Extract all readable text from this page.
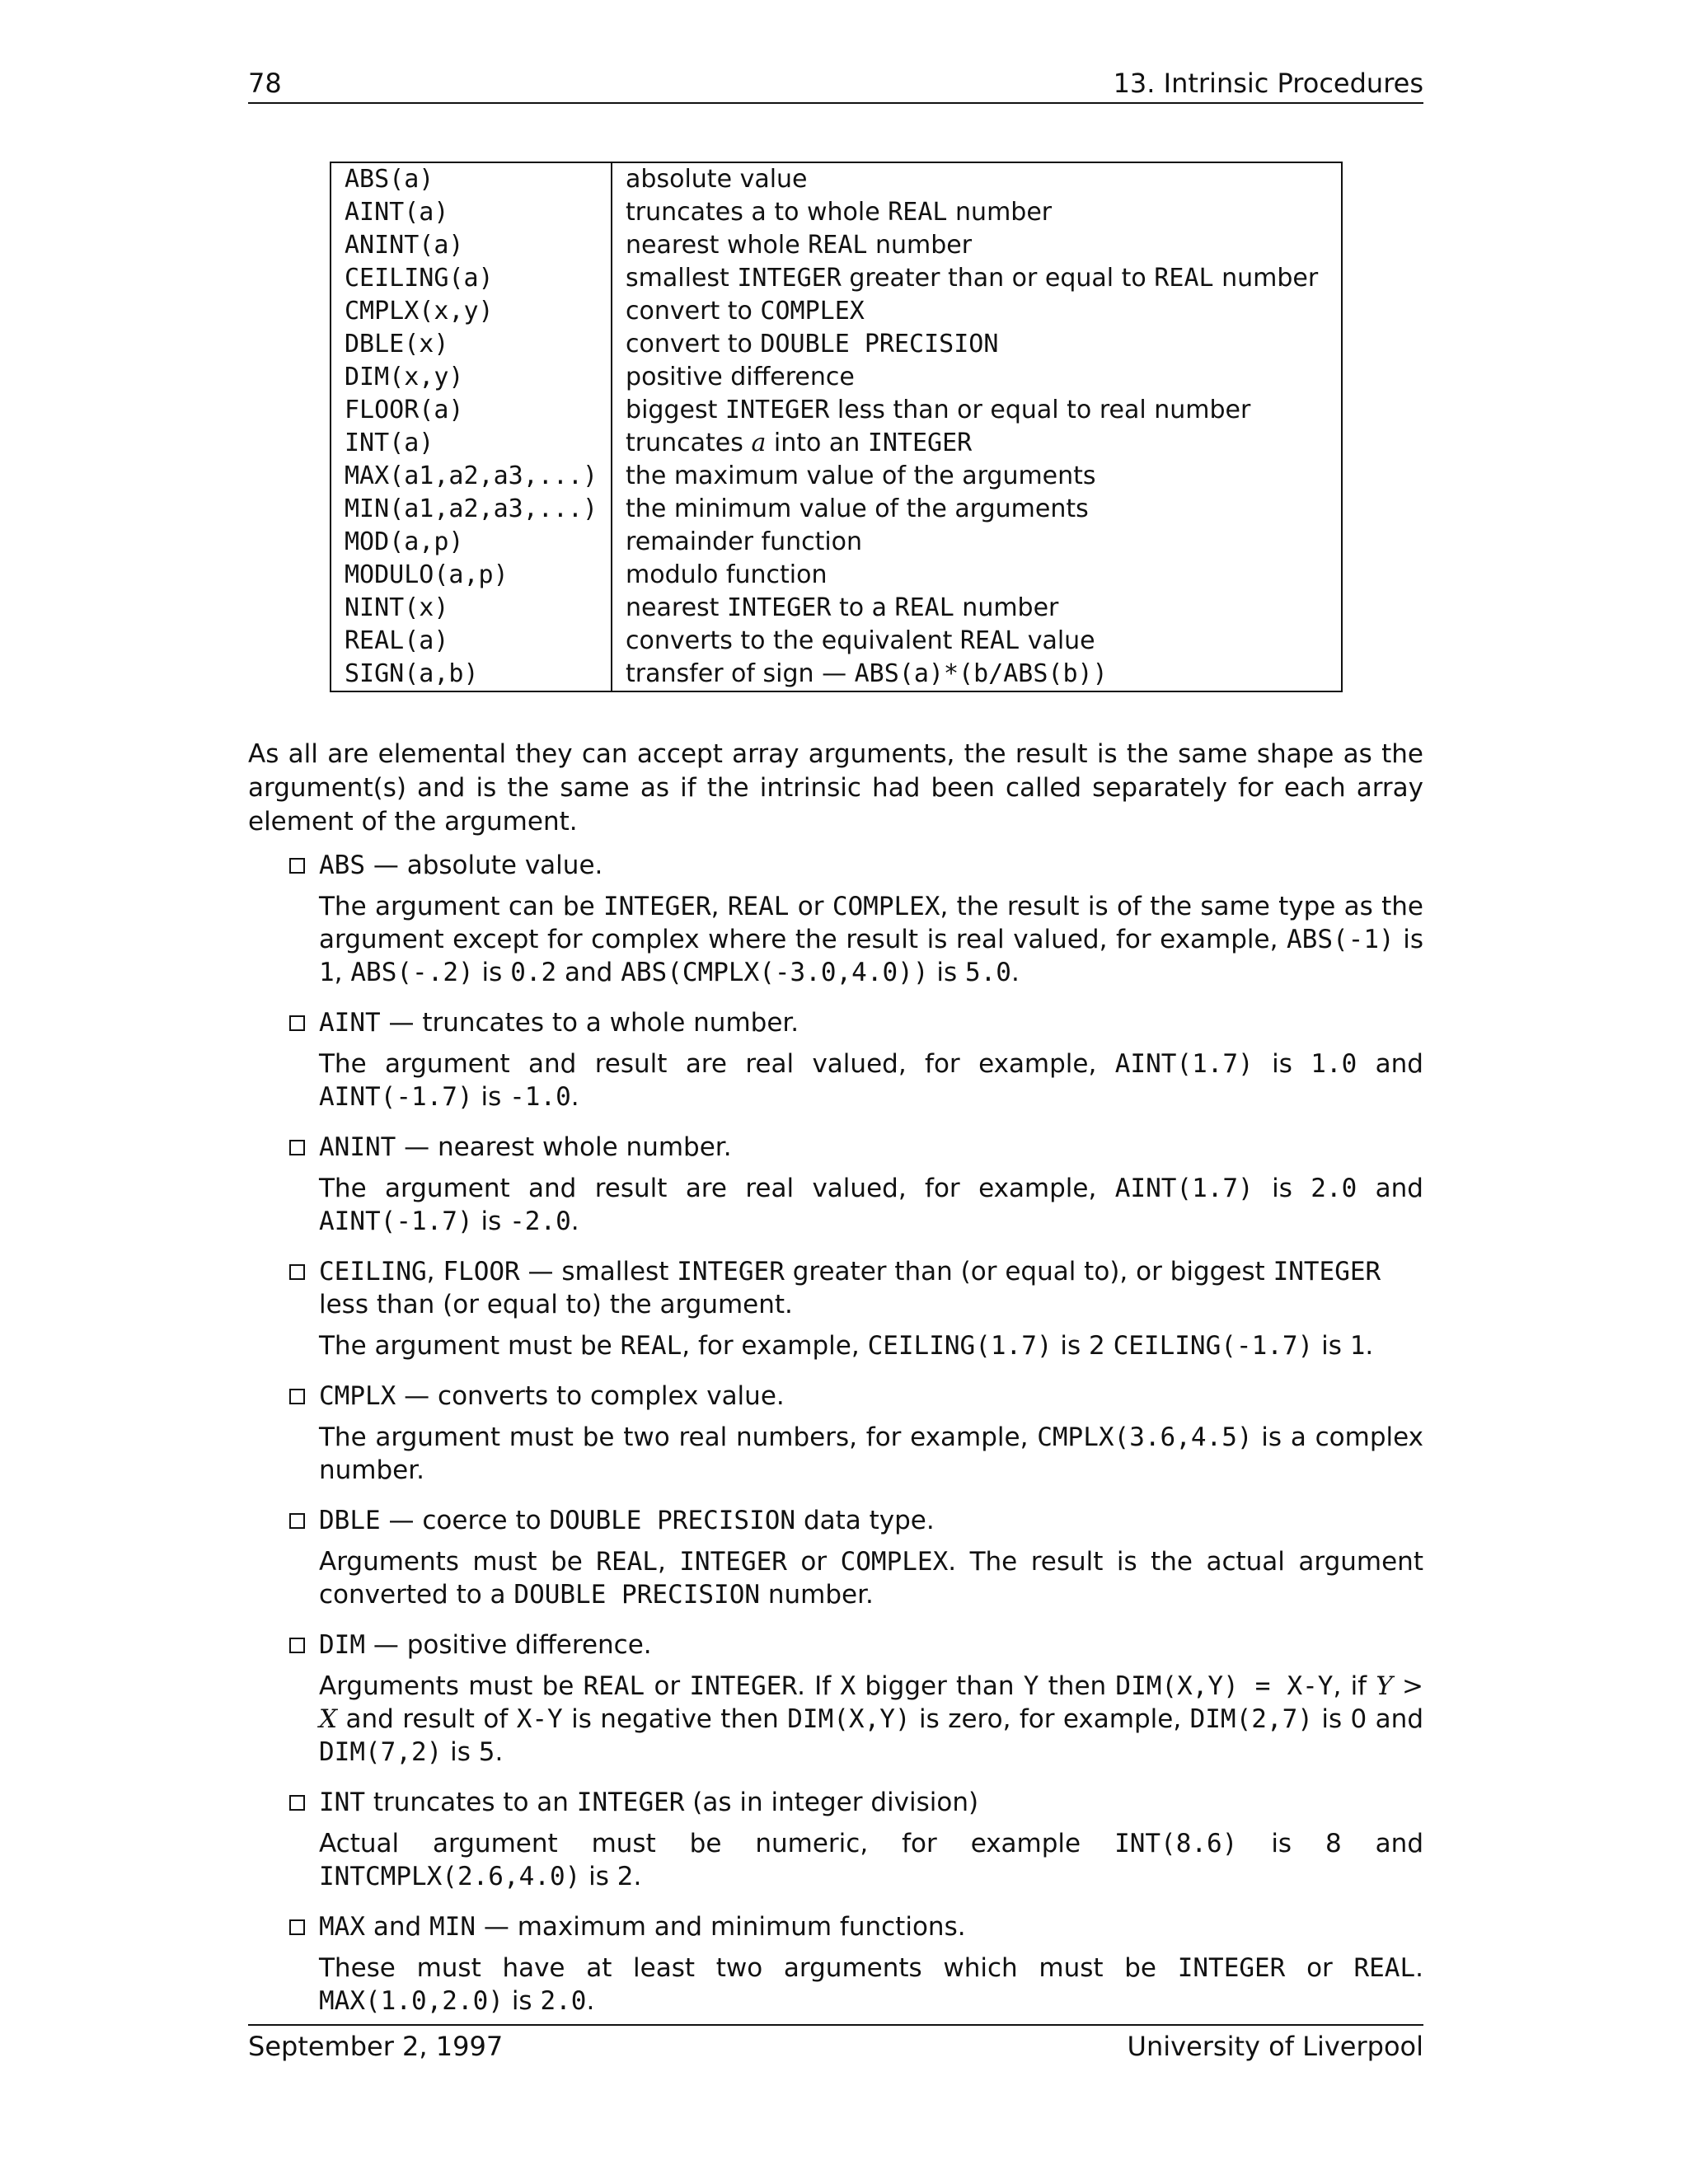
78	13. Intrinsic Procedures
ABS(a)	absolute value
AINT(a)	truncates a to whole REAL number
ANINT(a)	nearest whole REAL number
CEILING(a)	smallest INTEGER greater than or equal to REAL number
CMPLX(x,y)	convert to COMPLEX
DBLE(x)	convert to DOUBLE PRECISION
DIM(x,y)	positive difference
FLOOR(a)	biggest INTEGER less than or equal to real number
INT(a)	truncates a into an INTEGER
MAX(a1,a2,a3,...)	the maximum value of the arguments
MIN(a1,a2,a3,...)	the minimum value of the arguments
MOD(a,p)	remainder function
MODULO(a,p)	modulo function
NINT(x)	nearest INTEGER to a REAL number
REAL(a)	converts to the equivalent REAL value
SIGN(a,b)	transfer of sign — ABS(a)*(b/ABS(b))
As all are elemental they can accept array arguments, the result is the same shape as the argument(s) and is the same as if the intrinsic had been called separately for each array element of the argument.
ABS — absolute value.
The argument can be INTEGER, REAL or COMPLEX, the result is of the same type as the argument except for complex where the result is real valued, for example, ABS(-1) is 1, ABS(-.2) is 0.2 and ABS(CMPLX(-3.0,4.0)) is 5.0.
AINT — truncates to a whole number.
The argument and result are real valued, for example, AINT(1.7) is 1.0 and AINT(-1.7) is -1.0.
ANINT — nearest whole number.
The argument and result are real valued, for example, AINT(1.7) is 2.0 and AINT(-1.7) is -2.0.
CEILING, FLOOR — smallest INTEGER greater than (or equal to), or biggest INTEGER less than (or equal to) the argument.
The argument must be REAL, for example, CEILING(1.7) is 2 CEILING(-1.7) is 1.
CMPLX — converts to complex value.
The argument must be two real numbers, for example, CMPLX(3.6,4.5) is a complex number.
DBLE — coerce to DOUBLE PRECISION data type.
Arguments must be REAL, INTEGER or COMPLEX. The result is the actual argument converted to a DOUBLE PRECISION number.
DIM — positive difference.
Arguments must be REAL or INTEGER. If X bigger than Y then DIM(X,Y) = X-Y, if Y > X and result of X-Y is negative then DIM(X,Y) is zero, for example, DIM(2,7) is 0 and DIM(7,2) is 5.
INT truncates to an INTEGER (as in integer division)
Actual argument must be numeric, for example INT(8.6) is 8 and INTCMPLX(2.6,4.0) is 2.
MAX and MIN — maximum and minimum functions.
These must have at least two arguments which must be INTEGER or REAL. MAX(1.0,2.0) is 2.0.
September 2, 1997	University of Liverpool
